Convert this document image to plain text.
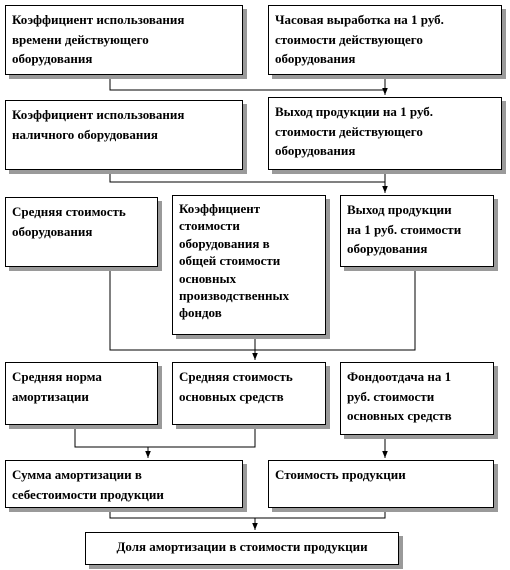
Коэффициент использования
времени действующего
оборудования
Часовая выработка на 1 руб.
стоимости действующего
оборудования
Коэффициент использования
наличного оборудования
Выход продукции на 1 руб.
стоимости действующего
оборудования
Средняя стоимость
оборудования
Коэффициент
стоимости
оборудования в
общей стоимости
основных
производственных
фондов
Выход продукции
на 1 руб. стоимости
оборудования
Средняя норма
амортизации
Средняя стоимость
основных средств
Фондоотдача на 1
руб. стоимости
основных средств
Сумма амортизации в
себестоимости продукции
Стоимость продукции
Доля амортизации в стоимости продукции
